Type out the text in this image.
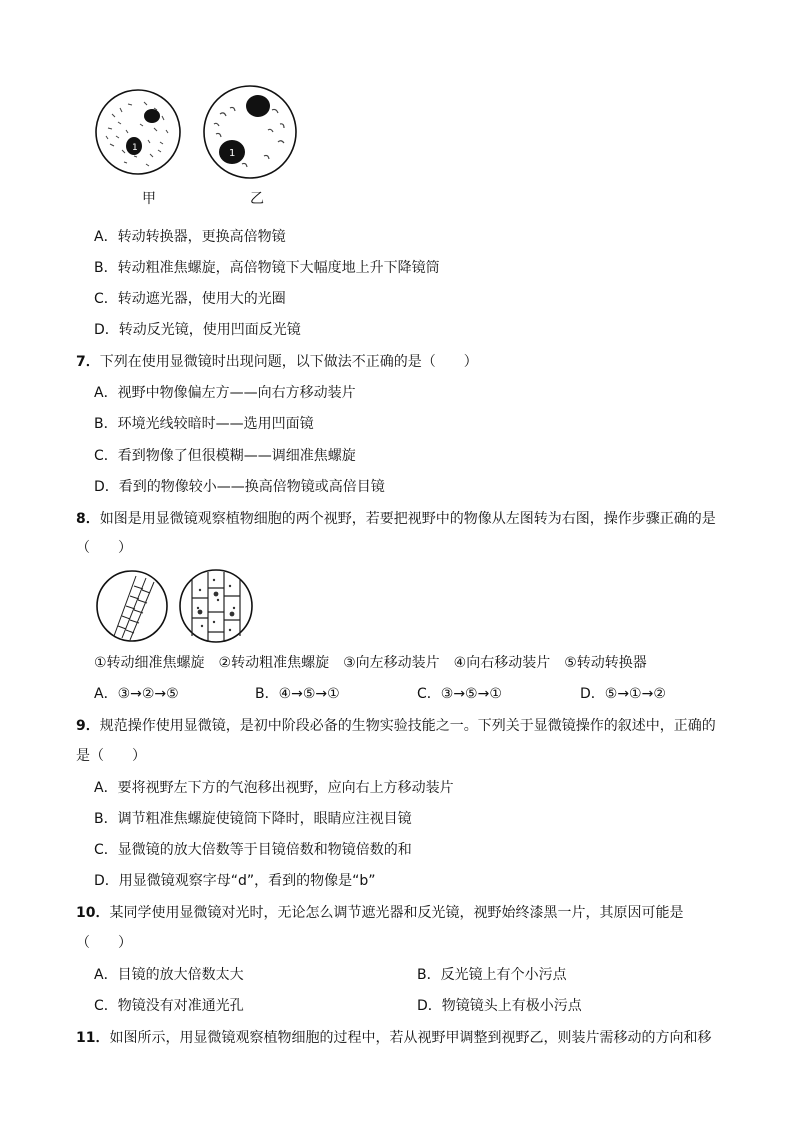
1	1
甲	乙
A．转动转换器，更换高倍物镜
B．转动粗准焦螺旋，高倍物镜下大幅度地上升下降镜筒
C．转动遮光器，使用大的光圈
D．转动反光镜，使用凹面反光镜
7．下列在使用显微镜时出现问题，以下做法不正确的是（　　）
A．视野中物像偏左方——向右方移动装片
B．环境光线较暗时——选用凹面镜
C．看到物像了但很模糊——调细准焦螺旋
D．看到的物像较小——换高倍物镜或高倍目镜
8．如图是用显微镜观察植物细胞的两个视野，若要把视野中的物像从左图转为右图，操作步骤正确的是
（　　）
①转动细准焦螺旋　②转动粗准焦螺旋　③向左移动装片　④向右移动装片　⑤转动转换器
A．③→②→⑤	B．④→⑤→①	C．③→⑤→①	D．⑤→①→②
9．规范操作使用显微镜，是初中阶段必备的生物实验技能之一。下列关于显微镜操作的叙述中，正确的
是（　　）
A．要将视野左下方的气泡移出视野，应向右上方移动装片
B．调节粗准焦螺旋使镜筒下降时，眼睛应注视目镜
C．显微镜的放大倍数等于目镜倍数和物镜倍数的和
D．用显微镜观察字母“d”，看到的物像是“b”
10．某同学使用显微镜对光时，无论怎么调节遮光器和反光镜，视野始终漆黑一片，其原因可能是
（　　）
A．目镜的放大倍数太大	B．反光镜上有个小污点
C．物镜没有对准通光孔	D．物镜镜头上有极小污点
11．如图所示，用显微镜观察植物细胞的过程中，若从视野甲调整到视野乙，则装片需移动的方向和移
